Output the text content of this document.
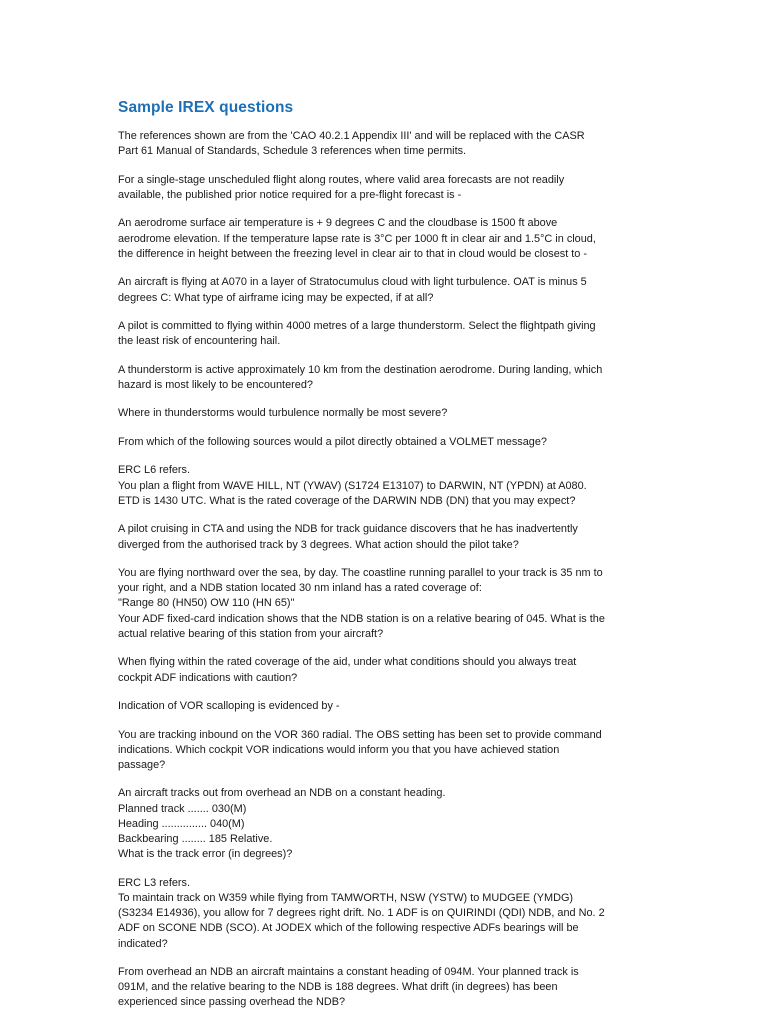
Sample IREX questions

The references shown are from the 'CAO 40.2.1 Appendix III' and will be replaced with the CASR
Part 61 Manual of Standards, Schedule 3 references when time permits.

For a single-stage unscheduled flight along routes, where valid area forecasts are not readily
available, the published prior notice required for a pre-flight forecast is -

An aerodrome surface air temperature is + 9 degrees C and the cloudbase is 1500 ft above
aerodrome elevation. If the temperature lapse rate is 3°C per 1000 ft in clear air and 1.5°C in cloud,
the difference in height between the freezing level in clear air to that in cloud would be closest to -

An aircraft is flying at A070 in a layer of Stratocumulus cloud with light turbulence. OAT is minus 5
degrees C: What type of airframe icing may be expected, if at all?

A pilot is committed to flying within 4000 metres of a large thunderstorm. Select the flightpath giving
the least risk of encountering hail.

A thunderstorm is active approximately 10 km from the destination aerodrome. During landing, which
hazard is most likely to be encountered?

Where in thunderstorms would turbulence normally be most severe?

From which of the following sources would a pilot directly obtained a VOLMET message?

ERC L6 refers.
You plan a flight from WAVE HILL, NT (YWAV) (S1724 E13107) to DARWIN, NT (YPDN) at A080.
ETD is 1430 UTC. What is the rated coverage of the DARWIN NDB (DN) that you may expect?

A pilot cruising in CTA and using the NDB for track guidance discovers that he has inadvertently
diverged from the authorised track by 3 degrees. What action should the pilot take?

You are flying northward over the sea, by day. The coastline running parallel to your track is 35 nm to
your right, and a NDB station located 30 nm inland has a rated coverage of:
"Range 80 (HN50) OW 110 (HN 65)"
Your ADF fixed-card indication shows that the NDB station is on a relative bearing of 045. What is the
actual relative bearing of this station from your aircraft?

When flying within the rated coverage of the aid, under what conditions should you always treat
cockpit ADF indications with caution?

Indication of VOR scalloping is evidenced by -

You are tracking inbound on the VOR 360 radial. The OBS setting has been set to provide command
indications. Which cockpit VOR indications would inform you that you have achieved station
passage?

An aircraft tracks out from overhead an NDB on a constant heading.
Planned track ....... 030(M)
Heading ............... 040(M)
Backbearing ........ 185 Relative.
What is the track error (in degrees)?

ERC L3 refers.
To maintain track on W359 while flying from TAMWORTH, NSW (YSTW) to MUDGEE (YMDG)
(S3234 E14936), you allow for 7 degrees right drift. No. 1 ADF is on QUIRINDI (QDI) NDB, and No. 2
ADF on SCONE NDB (SCO). At JODEX which of the following respective ADFs bearings will be
indicated?

From overhead an NDB an aircraft maintains a constant heading of 094M. Your planned track is
091M, and the relative bearing to the NDB is 188 degrees. What drift (in degrees) has been
experienced since passing overhead the NDB?
